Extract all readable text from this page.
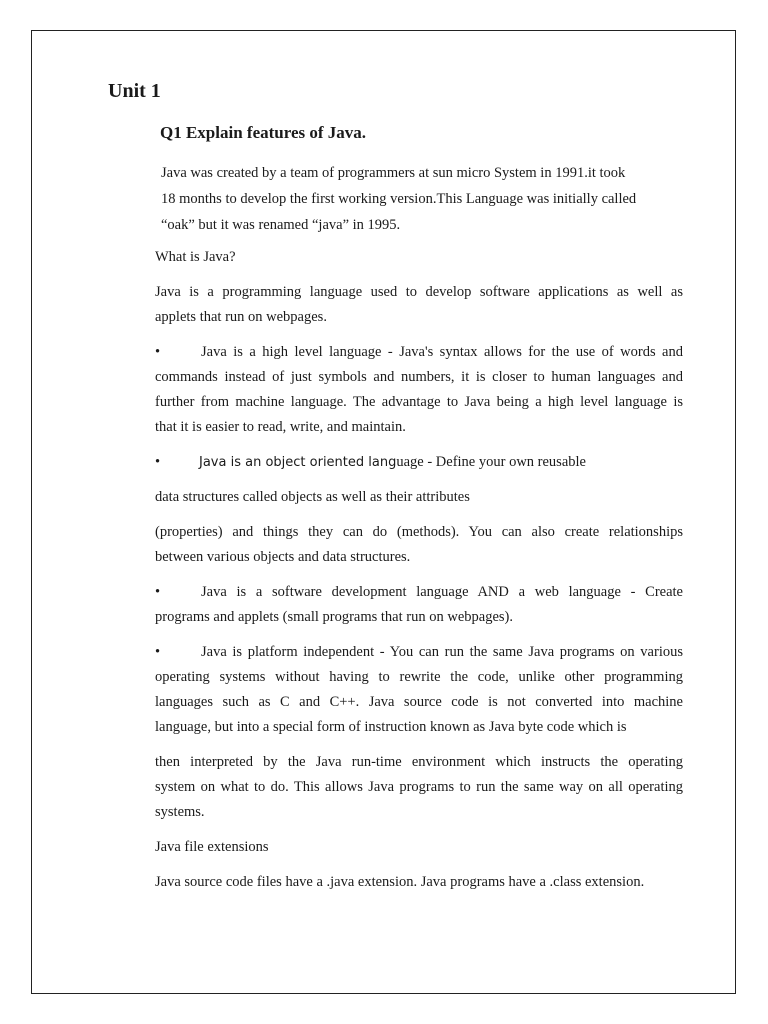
Unit 1
Q1 Explain features of Java.

Java was created by a team of programmers at sun micro System in 1991.it took
18 months to develop the first working version.This Language was initially called
“oak” but it was renamed “java” in 1995.

What is Java?

Java is a programming language used to develop software applications as well as
applets that run on webpages.

•	Java is a high level language - Java's syntax allows for the use of words and
commands instead of just symbols and numbers, it is closer to human languages and
further from machine language. The advantage to Java being a high level language is
that it is easier to read, write, and maintain.

•	Java is an object oriented language - Define your own reusable

data structures called objects as well as their attributes

(properties) and things they can do (methods). You can also create relationships
between various objects and data structures.

•	Java is a software development language AND a web language - Create
programs and applets (small programs that run on webpages).

•	Java is platform independent - You can run the same Java programs on various
operating systems without having to rewrite the code, unlike other programming
languages such as C and C++. Java source code is not converted into machine
language, but into a special form of instruction known as Java byte code which is

then interpreted by the Java run-time environment which instructs the operating
system on what to do. This allows Java programs to run the same way on all operating
systems.

Java file extensions

Java source code files have a .java extension. Java programs have a .class extension.
